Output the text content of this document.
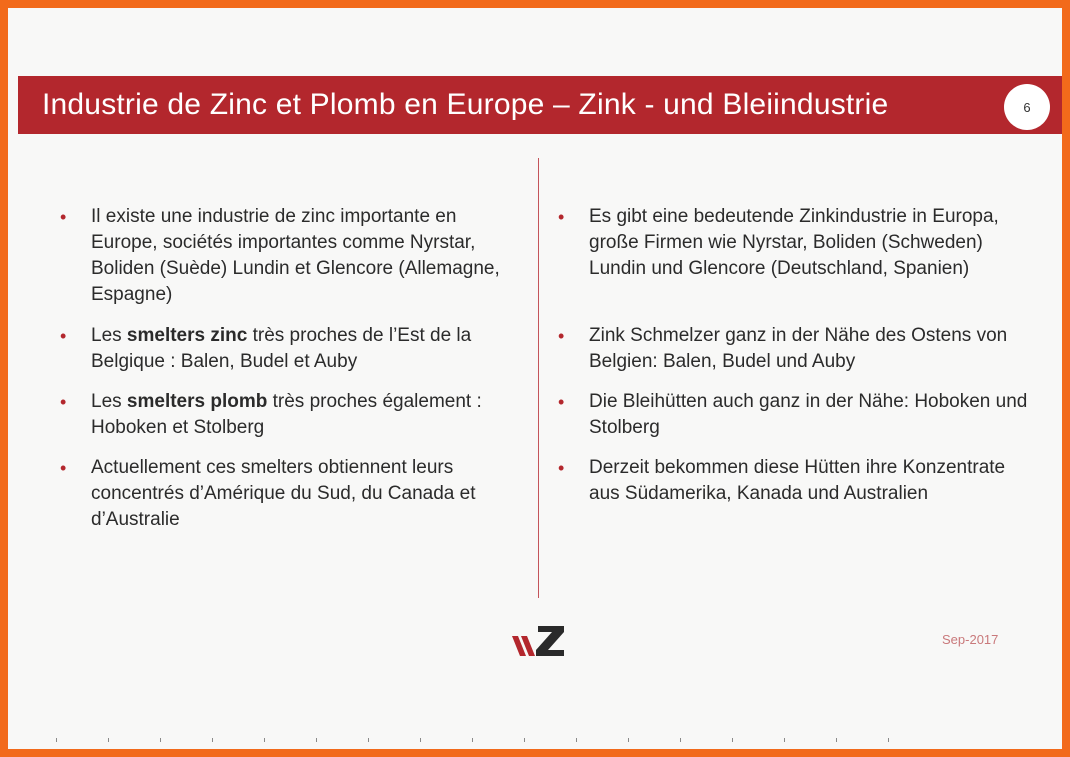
Industrie de Zinc et Plomb en Europe – Zink - und Bleiindustrie	6
• Il existe une industrie de zinc importante en Europe, sociétés importantes comme Nyrstar, Boliden (Suède) Lundin et Glencore (Allemagne, Espagne)
• Les smelters zinc très proches de l’Est de la Belgique : Balen, Budel et Auby
• Les smelters plomb très proches également : Hoboken et Stolberg
• Actuellement ces smelters obtiennent leurs concentrés d’Amérique du Sud, du Canada et d’Australie
• Es gibt eine bedeutende Zinkindustrie in Europa, große Firmen wie Nyrstar, Boliden (Schweden) Lundin und Glencore (Deutschland, Spanien)
• Zink Schmelzer ganz in der Nähe des Ostens von Belgien: Balen, Budel und Auby
• Die Bleihütten auch ganz in der Nähe: Hoboken und Stolberg
• Derzeit bekommen diese Hütten ihre Konzentrate aus Südamerika, Kanada und Australien
Sep-2017
